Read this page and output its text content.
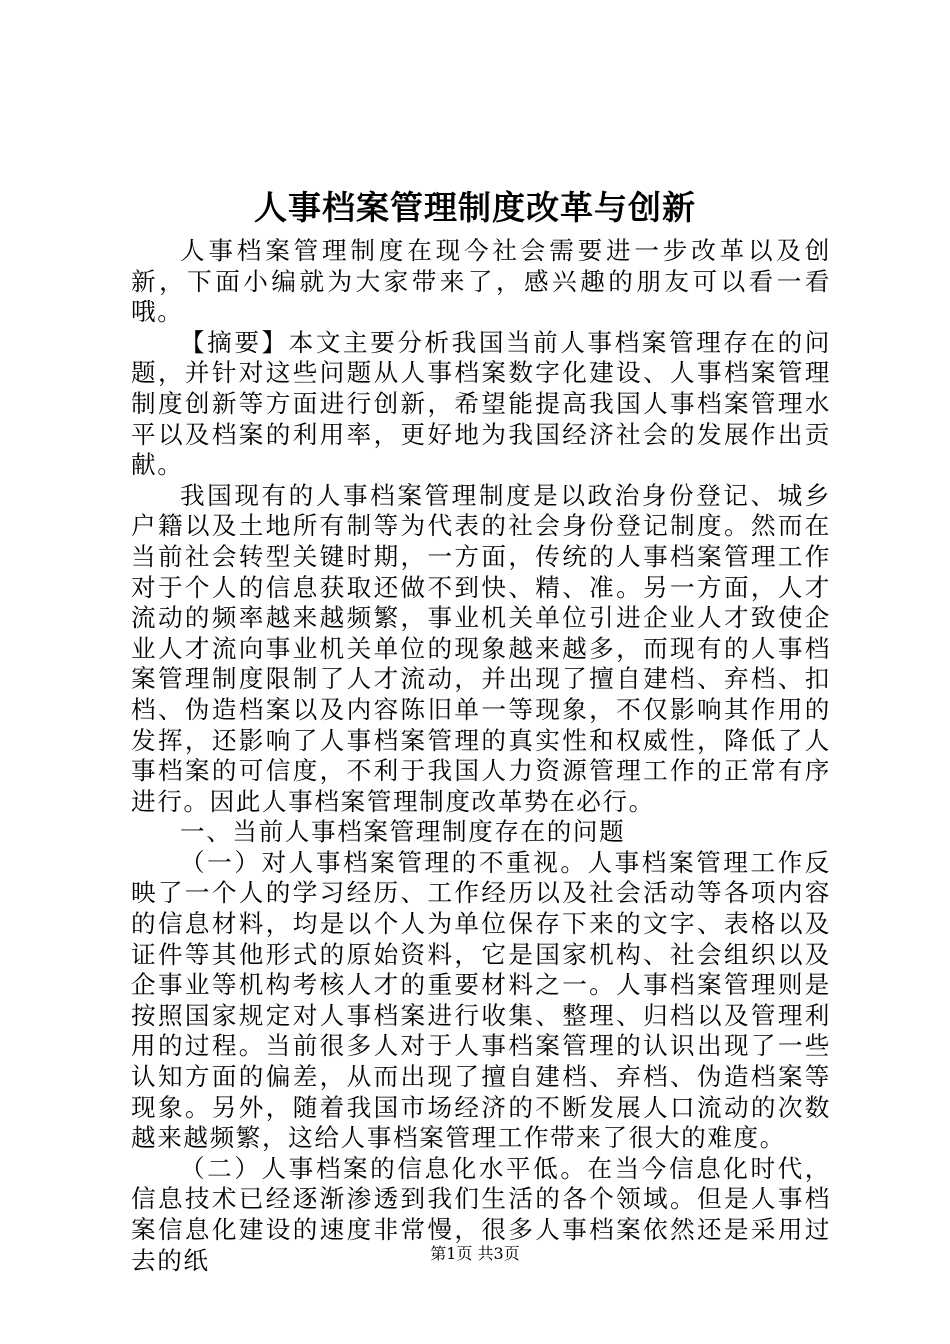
人事档案管理制度改革与创新

人事档案管理制度在现今社会需要进一步改革以及创新，下面小编就为大家带来了，感兴趣的朋友可以看一看哦。

【摘要】本文主要分析我国当前人事档案管理存在的问题，并针对这些问题从人事档案数字化建设、人事档案管理制度创新等方面进行创新，希望能提高我国人事档案管理水平以及档案的利用率，更好地为我国经济社会的发展作出贡献。

我国现有的人事档案管理制度是以政治身份登记、城乡户籍以及土地所有制等为代表的社会身份登记制度。然而在当前社会转型关键时期，一方面，传统的人事档案管理工作对于个人的信息获取还做不到快、精、准。另一方面，人才流动的频率越来越频繁，事业机关单位引进企业人才致使企业人才流向事业机关单位的现象越来越多，而现有的人事档案管理制度限制了人才流动，并出现了擅自建档、弃档、扣档、伪造档案以及内容陈旧单一等现象，不仅影响其作用的发挥，还影响了人事档案管理的真实性和权威性，降低了人事档案的可信度，不利于我国人力资源管理工作的正常有序进行。因此人事档案管理制度改革势在必行。

一、当前人事档案管理制度存在的问题

（一）对人事档案管理的不重视。人事档案管理工作反映了一个人的学习经历、工作经历以及社会活动等各项内容的信息材料，均是以个人为单位保存下来的文字、表格以及证件等其他形式的原始资料，它是国家机构、社会组织以及企事业等机构考核人才的重要材料之一。人事档案管理则是按照国家规定对人事档案进行收集、整理、归档以及管理利用的过程。当前很多人对于人事档案管理的认识出现了一些认知方面的偏差，从而出现了擅自建档、弃档、伪造档案等现象。另外，随着我国市场经济的不断发展人口流动的次数越来越频繁，这给人事档案管理工作带来了很大的难度。

（二）人事档案的信息化水平低。在当今信息化时代，信息技术已经逐渐渗透到我们生活的各个领域。但是人事档案信息化建设的速度非常慢，很多人事档案依然还是采用过去的纸	第1页 共3页
